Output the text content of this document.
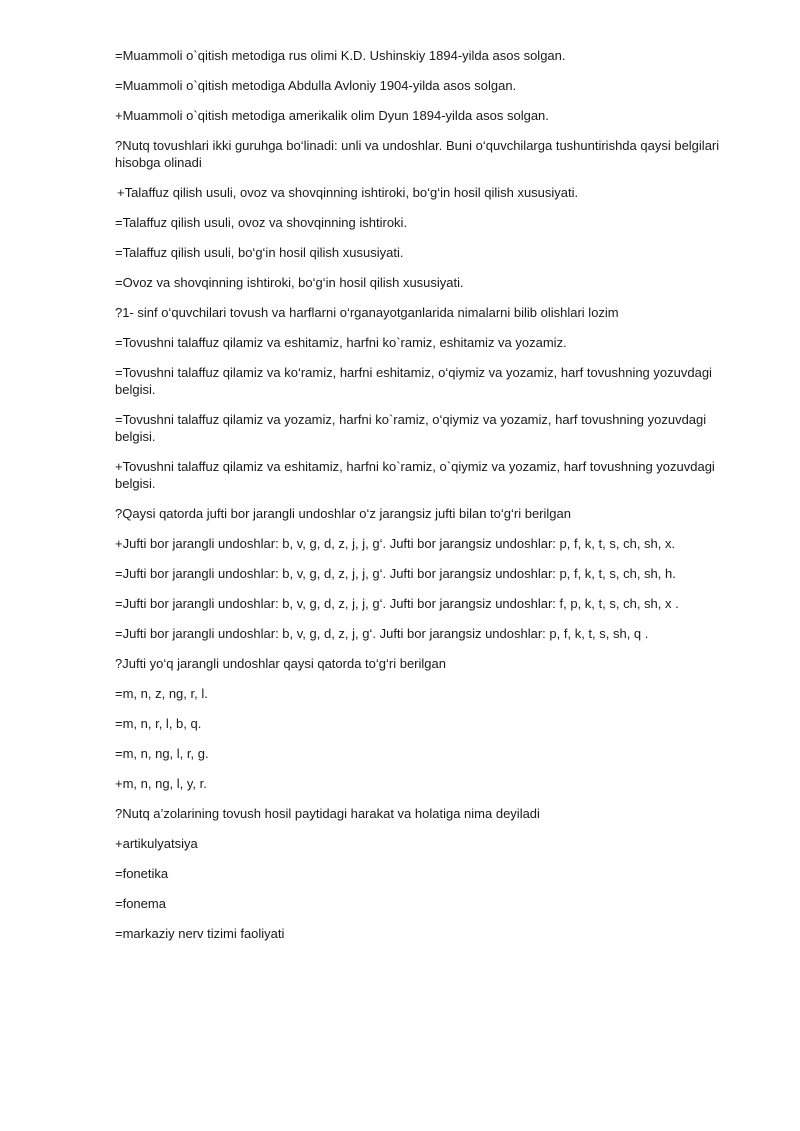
=Muammoli o`qitish metodiga rus olimi K.D. Ushinskiy 1894-yilda asos solgan.

=Muammoli o`qitish metodiga Abdulla Avloniy 1904-yilda asos solgan.

+Muammoli o`qitish metodiga amerikalik olim Dyun 1894-yilda asos solgan.

?Nutq tovushlari ikki guruhga bo‘linadi: unli va undoshlar. Buni o‘quvchilarga tushuntirishda qaysi belgilari hisobga olinadi

+Talaffuz qilish usuli, ovoz va shovqinning ishtiroki, bo‘g‘in hosil qilish xususiyati.

=Talaffuz qilish usuli, ovoz va shovqinning ishtiroki.

=Talaffuz qilish usuli, bo‘g‘in hosil qilish xususiyati.

=Ovoz va shovqinning ishtiroki, bo‘g‘in hosil qilish xususiyati.

?1- sinf o‘quvchilari tovush va harflarni o‘rganayotganlarida nimalarni bilib olishlari lozim

=Tovushni talaffuz qilamiz va eshitamiz, harfni ko`ramiz, eshitamiz va yozamiz.

=Tovushni talaffuz qilamiz va ko‘ramiz, harfni eshitamiz, o‘qiymiz va yozamiz, harf tovushning yozuvdagi belgisi.

=Tovushni talaffuz qilamiz va yozamiz, harfni ko`ramiz, o‘qiymiz va yozamiz, harf tovushning yozuvdagi belgisi.

+Tovushni talaffuz qilamiz va eshitamiz, harfni ko`ramiz, o`qiymiz va yozamiz, harf tovushning yozuvdagi belgisi.

?Qaysi qatorda jufti bor jarangli undoshlar o‘z jarangsiz jufti bilan to‘g‘ri berilgan

+Jufti bor jarangli undoshlar: b, v, g, d, z, j, j, g‘. Jufti bor jarangsiz undoshlar: p, f, k, t, s, ch, sh, x.

=Jufti bor jarangli undoshlar: b, v, g, d, z, j, j, g‘. Jufti bor jarangsiz undoshlar: p, f, k, t, s, ch, sh, h.

=Jufti bor jarangli undoshlar: b, v, g, d, z, j, j, g‘. Jufti bor jarangsiz undoshlar: f, p, k, t, s, ch, sh, x .

=Jufti bor jarangli undoshlar: b, v, g, d, z, j, g‘. Jufti bor jarangsiz undoshlar: p, f, k, t, s, sh, q .

?Jufti yo‘q jarangli undoshlar qaysi qatorda to‘g‘ri berilgan

=m, n, z, ng, r, l.

=m, n, r, l, b, q.

=m, n, ng, l, r, g.

+m, n, ng, l, y, r.

?Nutq a’zolarining tovush hosil paytidagi harakat va holatiga nima deyiladi

+artikulyatsiya

=fonetika

=fonema

=markaziy nerv tizimi faoliyati
